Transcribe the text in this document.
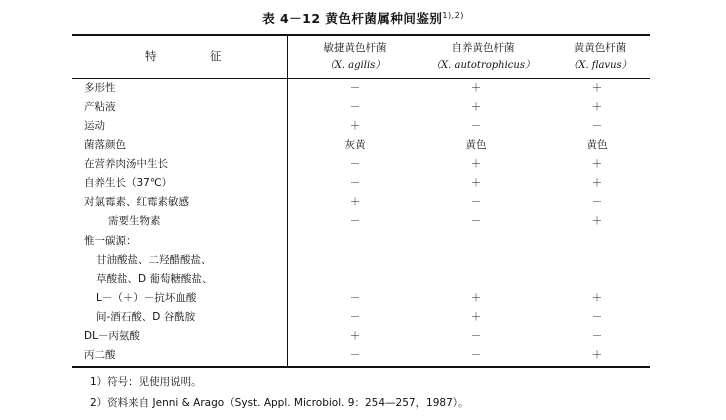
表 4－12 黄色杆菌属种间鉴别$^{1),2)}$
特	征
敏捷黄色杆菌
（X. agilis）
自养黄色杆菌
（X. autotrophicus）
黄黄色杆菌
（X. flavus）
多形性	－	＋	＋
产粘液	－	＋	＋
运动	＋	－	－
菌落颜色	灰黄	黄色	黄色
在营养肉汤中生长	－	＋	＋
自养生长（37℃）	－	＋	＋
对氯霉素、红霉素敏感	＋	－	－
需要生物素	－	－	＋
惟一碳源：
甘油酸盐、二羟醋酸盐、
草酸盐、D 葡萄糖酸盐、
L－（＋）－抗坏血酸	－	＋	＋
间-酒石酸、D 谷酰胺	－	＋	－
DL－丙氨酸	＋	－	－
丙二酸	－	－	＋
1）符号：见使用说明。
2）资料来自 Jenni & Arago（Syst. Appl. Microbiol. 9：254—257，1987）。
